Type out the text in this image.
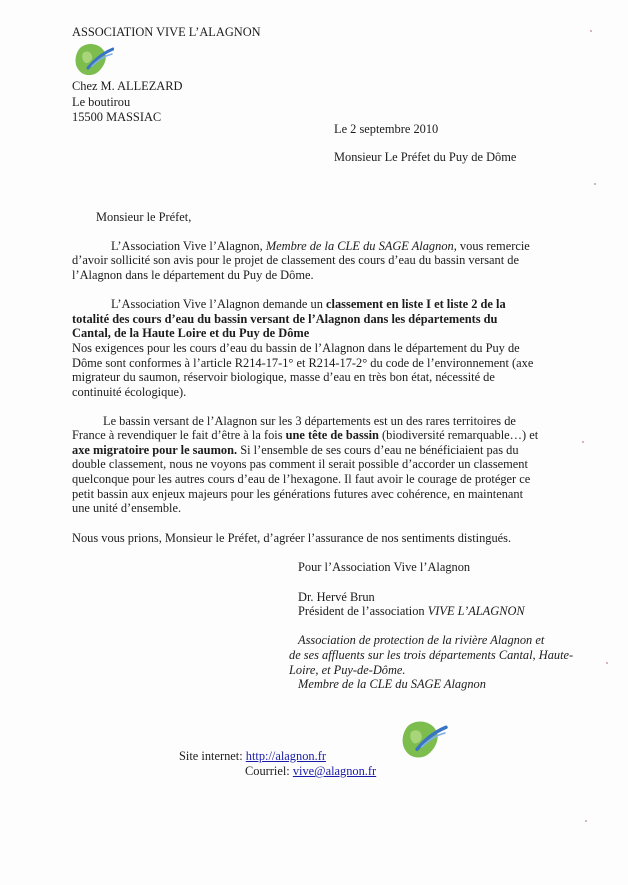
ASSOCIATION VIVE L’ALAGNON
Chez M. ALLEZARD
Le boutirou
15500 MASSIAC
Le 2 septembre 2010
Monsieur Le Préfet du Puy de Dôme
Monsieur le Préfet,
L’Association Vive l’Alagnon, Membre de la CLE du SAGE Alagnon, vous remercie
d’avoir sollicité son avis pour le projet de classement des cours d’eau du bassin versant de
l’Alagnon dans le département du Puy de Dôme.
L’Association Vive l’Alagnon demande un classement en liste I et liste 2 de la
totalité des cours d’eau du bassin versant de l’Alagnon dans les départements du
Cantal, de la Haute Loire et du Puy de Dôme
Nos exigences pour les cours d’eau du bassin de l’Alagnon dans le département du Puy de
Dôme sont conformes à l’article R214-17-1° et R214-17-2° du code de l’environnement (axe
migrateur du saumon, réservoir biologique, masse d’eau en très bon état, nécessité de
continuité écologique).
Le bassin versant de l’Alagnon sur les 3 départements est un des rares territoires de
France à revendiquer le fait d’être à la fois une tête de bassin (biodiversité remarquable…) et
axe migratoire pour le saumon. Si l’ensemble de ses cours d’eau ne bénéficiaient pas du
double classement, nous ne voyons pas comment il serait possible d’accorder un classement
quelconque pour les autres cours d’eau de l’hexagone. Il faut avoir le courage de protéger ce
petit bassin aux enjeux majeurs pour les générations futures avec cohérence, en maintenant
une unité d’ensemble.
Nous vous prions, Monsieur le Préfet, d’agréer l’assurance de nos sentiments distingués.
Pour l’Association Vive l’Alagnon
Dr. Hervé Brun
Président de l’association VIVE L’ALAGNON
Association de protection de la rivière Alagnon et
de ses affluents sur les trois départements Cantal, Haute-
Loire, et Puy-de-Dôme.
Membre de la CLE du SAGE Alagnon
Site internet: http://alagnon.fr
Courriel: vive@alagnon.fr
